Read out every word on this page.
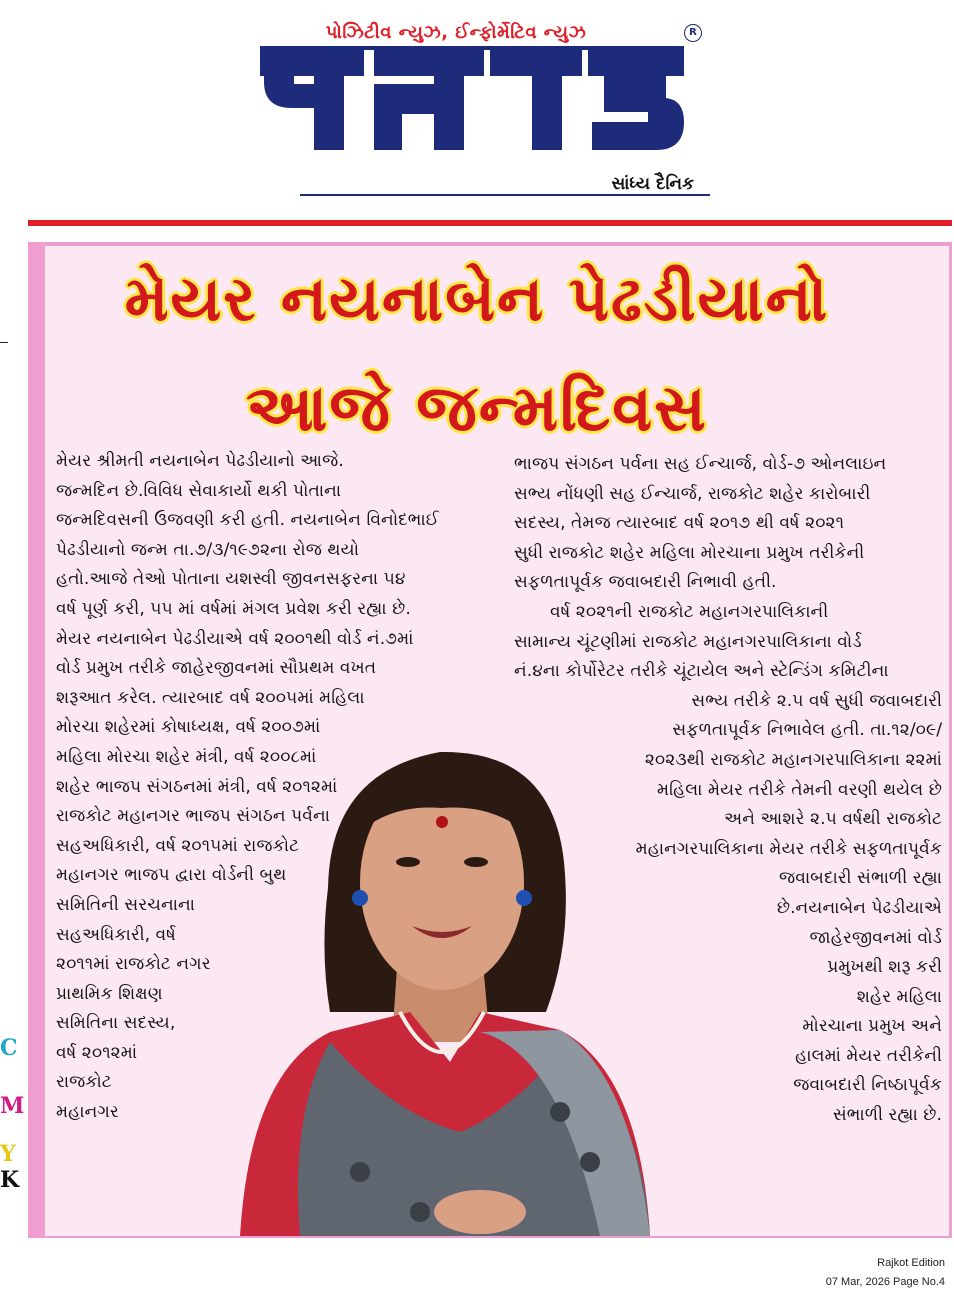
પોઝિટીવ ન્યુઝ, ઈન્ફોર્મેટિવ ન્યુઝ	R
સાંધ્ય દૈનિક
C
M
Y
K
મેયર નયનાબેન પેઢડીયાનો
આજે જન્મદિવસ
મેયર શ્રીમતી નયનાબેન પેઢડીયાનો આજે.
જન્મદિન છે.વિવિધ સેવાકાર્યો થકી પોતાના
જન્મદિવસની ઉજવણી કરી હતી. નયનાબેન વિનોદભાઈ
પેઢડીયાનો જન્મ તા.૭/૩/૧૯૭૨ના રોજ થયો
હતો.આજે તેઓ પોતાના યશસ્વી જીવનસફરના ૫૪
વર્ષ પૂર્ણ કરી, ૫૫ માં વર્ષમાં મંગલ પ્રવેશ કરી રહ્યા છે.
મેયર નયનાબેન પેઢડીયાએ વર્ષ ૨૦૦૧થી વોર્ડ નં.૭માં
વોર્ડ પ્રમુખ તરીકે જાહેરજીવનમાં સૌપ્રથમ વખત
શરૂઆત કરેલ. ત્યારબાદ વર્ષ ૨૦૦૫માં મહિલા
મોરચા શહેરમાં કોષાધ્યક્ષ, વર્ષ ૨૦૦૭માં
મહિલા મોરચા શહેર મંત્રી, વર્ષ ૨૦૦૮માં
શહેર ભાજપ સંગઠનમાં મંત્રી, વર્ષ ૨૦૧૨માં
રાજકોટ મહાનગર ભાજપ સંગઠન પર્વના
સહઅધિકારી, વર્ષ ૨૦૧૫માં રાજકોટ
મહાનગર ભાજપ દ્વારા વોર્ડની બુથ
સમિતિની સરચનાના
સહઅધિકારી, વર્ષ
૨૦૧૧માં રાજકોટ નગર
પ્રાથમિક શિક્ષણ
સમિતિના સદસ્ય,
વર્ષ ૨૦૧૨માં
રાજકોટ
મહાનગર
ભાજપ સંગઠન પર્વના સહ ઈન્ચાર્જ, વોર્ડ-૭ ઓનલાઇન
સભ્ય નોંધણી સહ ઈન્ચાર્જ, રાજકોટ શહેર કારોબારી
સદસ્ય, તેમજ ત્યારબાદ વર્ષ ૨૦૧૭ થી વર્ષ ૨૦૨૧
સુધી રાજકોટ શહેર મહિલા મોરચાના પ્રમુખ તરીકેની
સફળતાપૂર્વક જવાબદારી નિભાવી હતી.
વર્ષ ૨૦૨૧ની રાજકોટ મહાનગરપાલિકાની
સામાન્ય ચૂંટણીમાં રાજકોટ મહાનગરપાલિકાના વોર્ડ
નં.૪ના કોર્પોરેટર તરીકે ચૂંટાયેલ અને સ્ટેન્ડિંગ કમિટીના
સભ્ય તરીકે ૨.૫ વર્ષ સુધી જવાબદારી
સફળતાપૂર્વક નિભાવેલ હતી. તા.૧૨/૦૯/
૨૦૨૩થી રાજકોટ મહાનગરપાલિકાના ૨૨માં
મહિલા મેયર તરીકે તેમની વરણી થયેલ છે
અને આશરે ૨.૫ વર્ષથી રાજકોટ
મહાનગરપાલિકાના મેયર તરીકે સફળતાપૂર્વક
જવાબદારી સંભાળી રહ્યા
છે.નયનાબેન પેઢડીયાએ
જાહેરજીવનમાં વોર્ડ
પ્રમુખથી શરૂ કરી
શહેર મહિલા
મોરચાના પ્રમુખ અને
હાલમાં મેયર તરીકેની
જવાબદારી નિષ્ઠાપૂર્વક
સંભાળી રહ્યા છે.
Rajkot Edition
07 Mar, 2026 Page No.4
